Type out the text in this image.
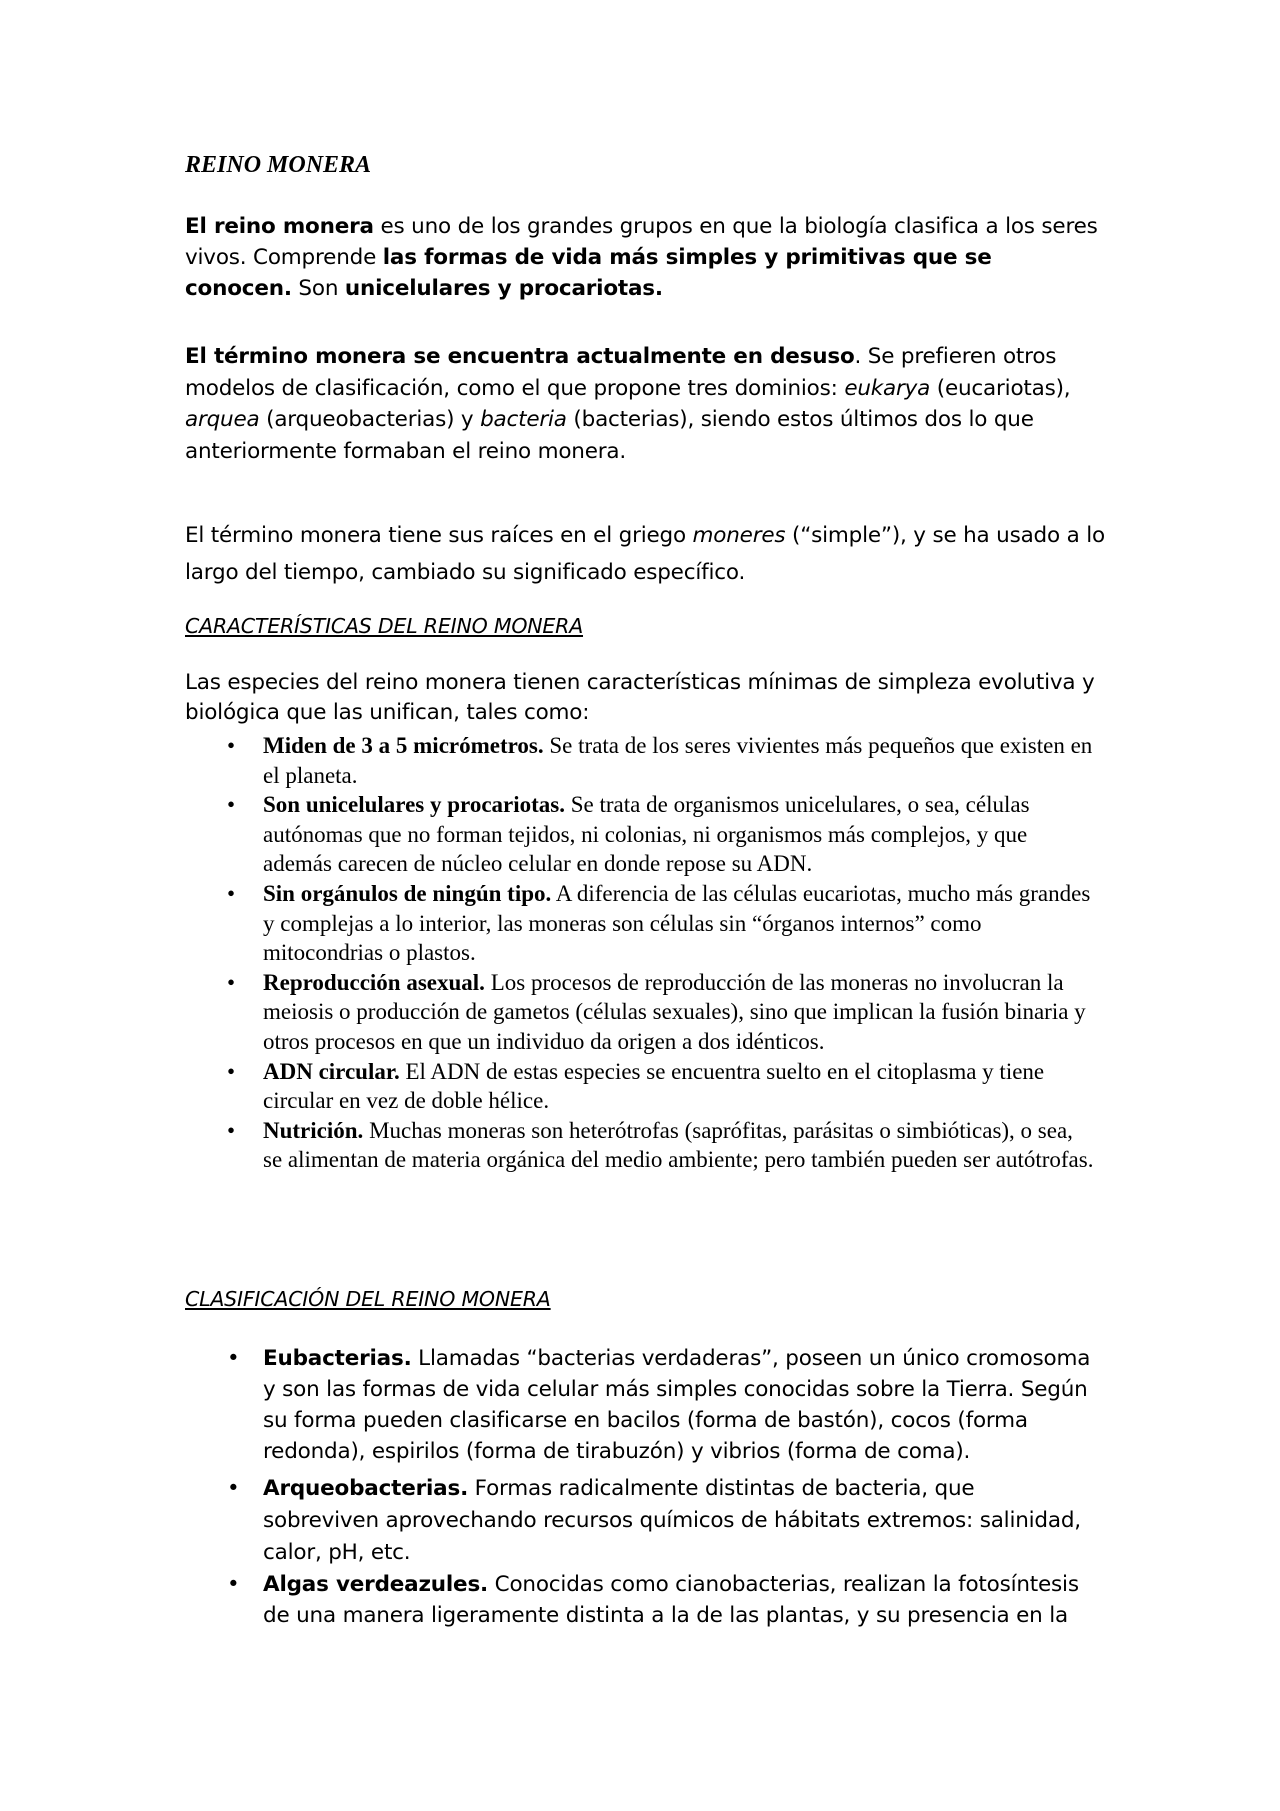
REINO MONERA

El reino monera es uno de los grandes grupos en que la biología clasifica a los seres vivos. Comprende las formas de vida más simples y primitivas que se conocen. Son unicelulares y procariotas.

El término monera se encuentra actualmente en desuso. Se prefieren otros modelos de clasificación, como el que propone tres dominios: eukarya (eucariotas), arquea (arqueobacterias) y bacteria (bacterias), siendo estos últimos dos lo que anteriormente formaban el reino monera.

El término monera tiene sus raíces en el griego moneres (“simple”), y se ha usado a lo largo del tiempo, cambiado su significado específico.

CARACTERÍSTICAS DEL REINO MONERA

Las especies del reino monera tienen características mínimas de simpleza evolutiva y biológica que las unifican, tales como:

• Miden de 3 a 5 micrómetros. Se trata de los seres vivientes más pequeños que existen en el planeta.
• Son unicelulares y procariotas. Se trata de organismos unicelulares, o sea, células autónomas que no forman tejidos, ni colonias, ni organismos más complejos, y que además carecen de núcleo celular en donde repose su ADN.
• Sin orgánulos de ningún tipo. A diferencia de las células eucariotas, mucho más grandes y complejas a lo interior, las moneras son células sin “órganos internos” como mitocondrias o plastos.
• Reproducción asexual. Los procesos de reproducción de las moneras no involucran la meiosis o producción de gametos (células sexuales), sino que implican la fusión binaria y otros procesos en que un individuo da origen a dos idénticos.
• ADN circular. El ADN de estas especies se encuentra suelto en el citoplasma y tiene circular en vez de doble hélice.
• Nutrición. Muchas moneras son heterótrofas (saprófitas, parásitas o simbióticas), o sea, se alimentan de materia orgánica del medio ambiente; pero también pueden ser autótrofas.
CLASIFICACIÓN DEL REINO MONERA
• Eubacterias. Llamadas “bacterias verdaderas”, poseen un único cromosoma y son las formas de vida celular más simples conocidas sobre la Tierra. Según su forma pueden clasificarse en bacilos (forma de bastón), cocos (forma redonda), espirilos (forma de tirabuzón) y vibrios (forma de coma).
• Arqueobacterias. Formas radicalmente distintas de bacteria, que sobreviven aprovechando recursos químicos de hábitats extremos: salinidad, calor, pH, etc.
• Algas verdeazules. Conocidas como cianobacterias, realizan la fotosíntesis de una manera ligeramente distinta a la de las plantas, y su presencia en la
